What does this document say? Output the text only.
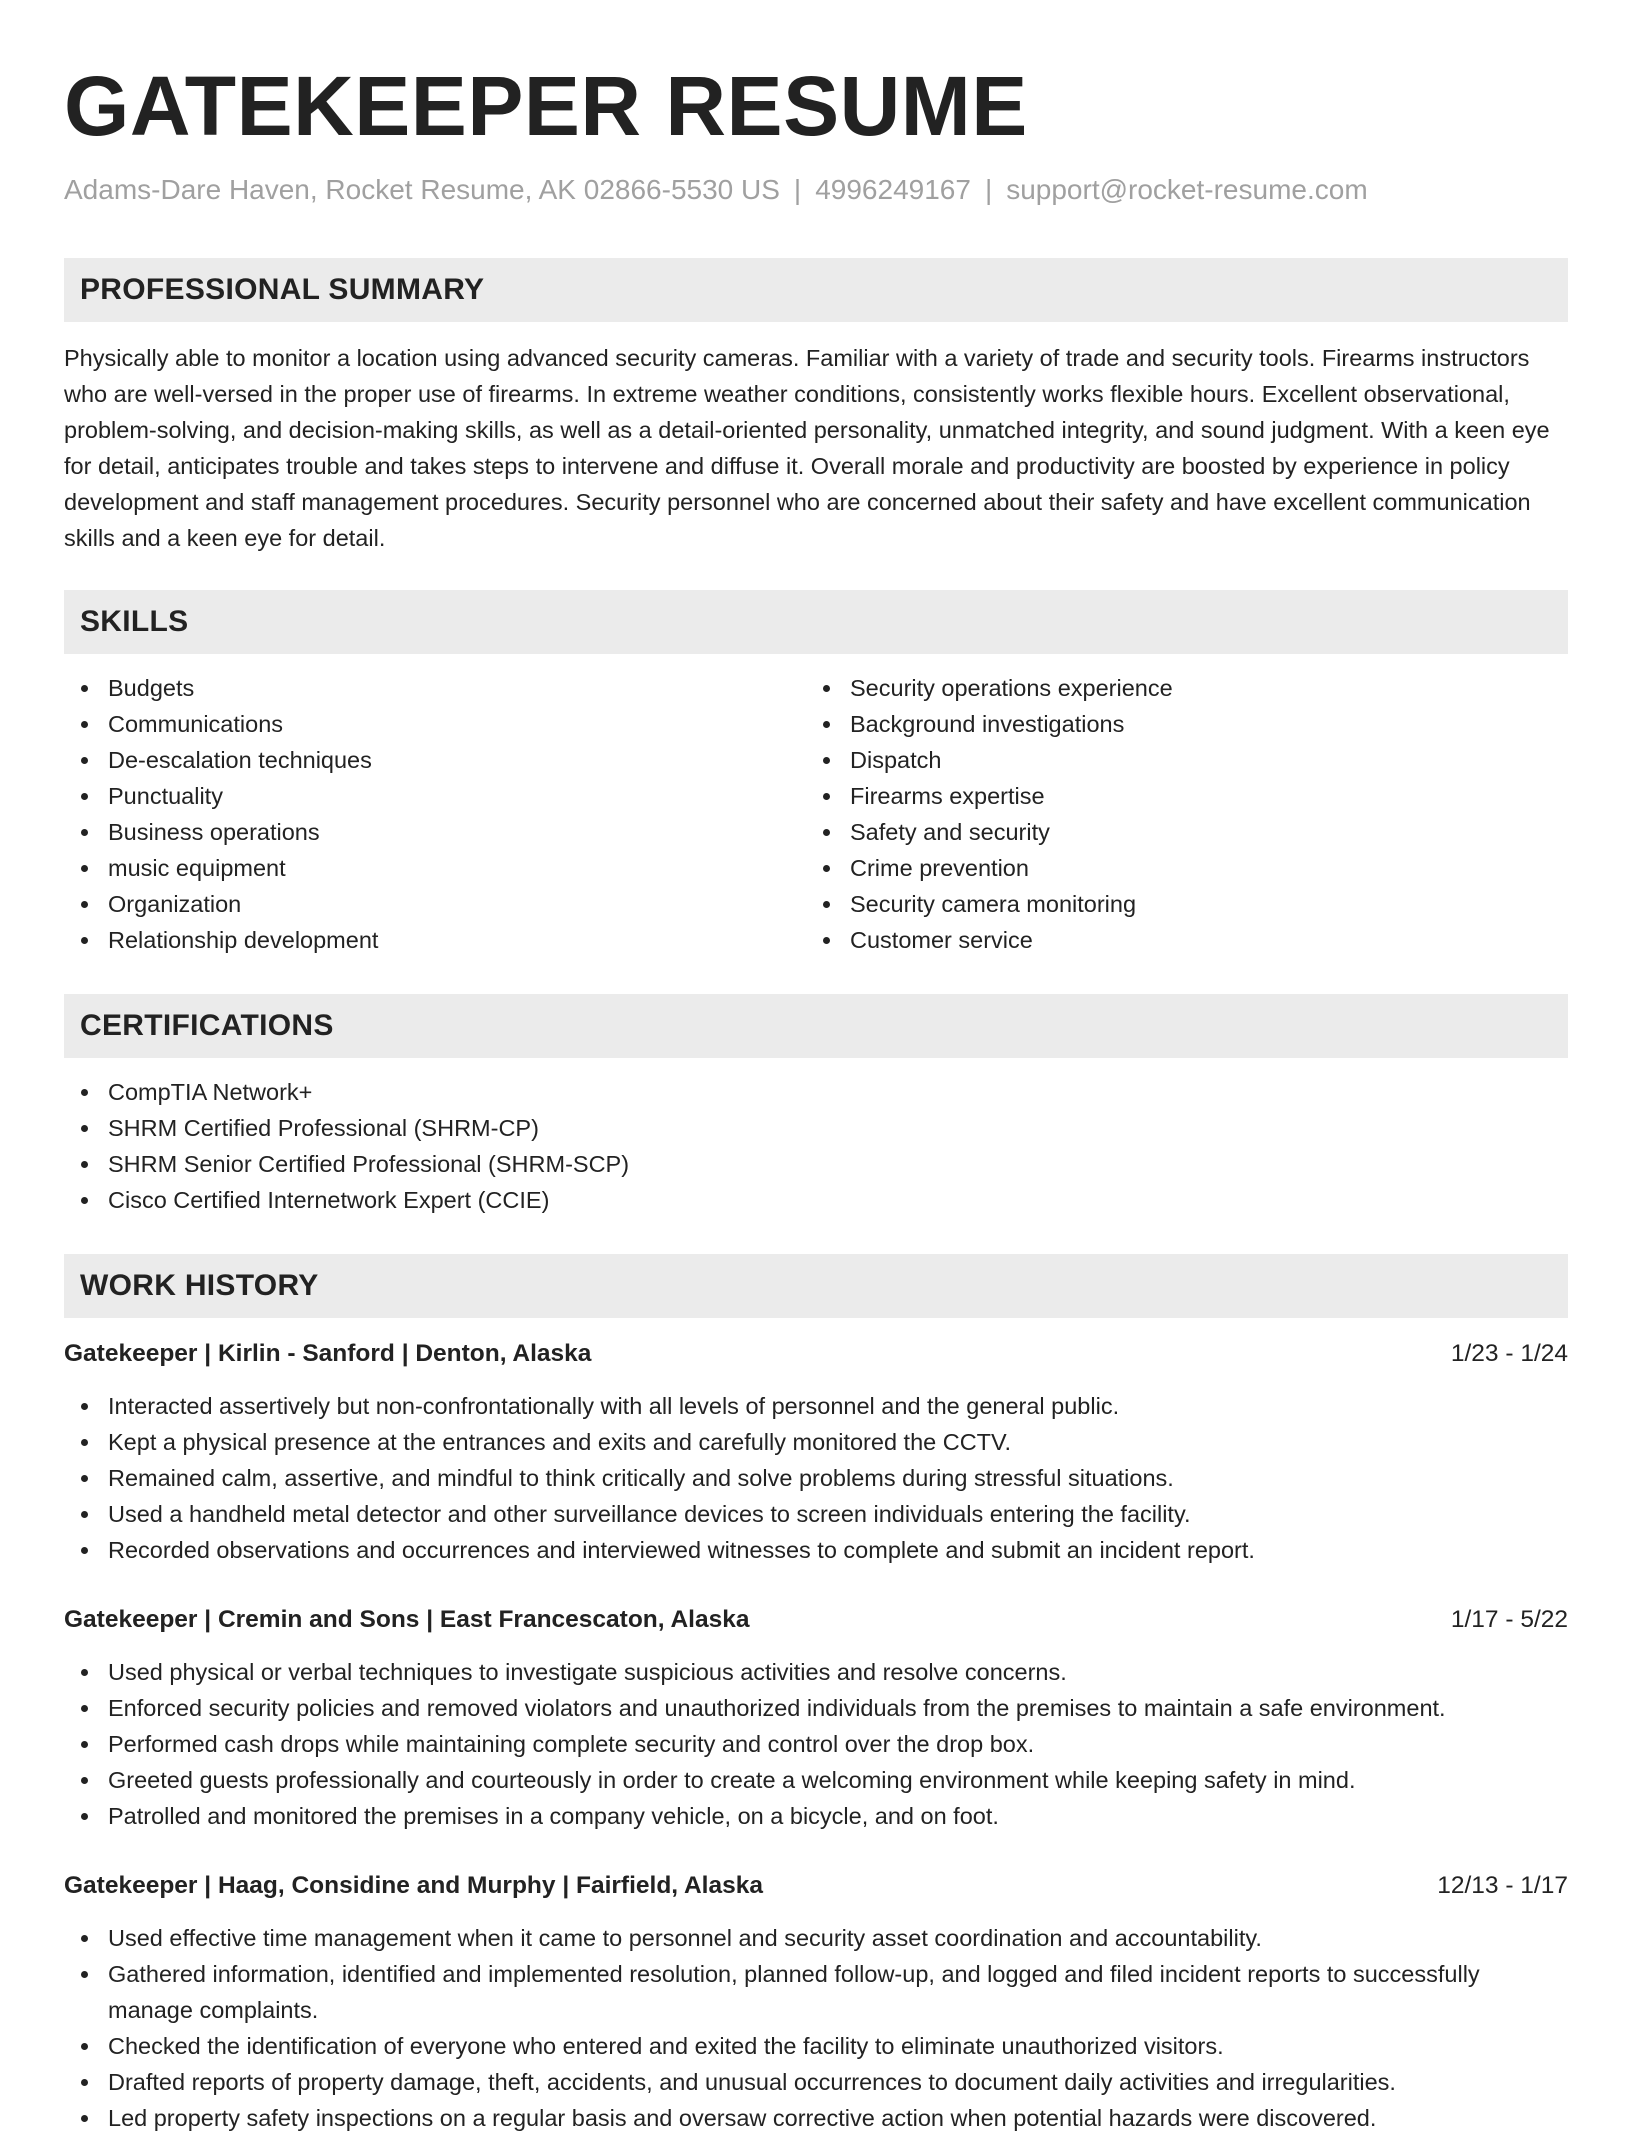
GATEKEEPER RESUME
Adams-Dare Haven, Rocket Resume, AK 02866-5530 US | 4996249167 | support@rocket-resume.com
PROFESSIONAL SUMMARY

Physically able to monitor a location using advanced security cameras. Familiar with a variety of trade and security tools. Firearms instructors who are well-versed in the proper use of firearms. In extreme weather conditions, consistently works flexible hours. Excellent observational, problem-solving, and decision-making skills, as well as a detail-oriented personality, unmatched integrity, and sound judgment. With a keen eye for detail, anticipates trouble and takes steps to intervene and diffuse it. Overall morale and productivity are boosted by experience in policy development and staff management procedures. Security personnel who are concerned about their safety and have excellent communication skills and a keen eye for detail.

SKILLS
Budgets
Communications
De-escalation techniques
Punctuality
Business operations
music equipment
Organization
Relationship development
Security operations experience
Background investigations
Dispatch
Firearms expertise
Safety and security
Crime prevention
Security camera monitoring
Customer service
CERTIFICATIONS
CompTIA Network+
SHRM Certified Professional (SHRM-CP)
SHRM Senior Certified Professional (SHRM-SCP)
Cisco Certified Internetwork Expert (CCIE)
WORK HISTORY
Gatekeeper | Kirlin - Sanford | Denton, Alaska	1/23 - 1/24
Interacted assertively but non-confrontationally with all levels of personnel and the general public.
Kept a physical presence at the entrances and exits and carefully monitored the CCTV.
Remained calm, assertive, and mindful to think critically and solve problems during stressful situations.
Used a handheld metal detector and other surveillance devices to screen individuals entering the facility.
Recorded observations and occurrences and interviewed witnesses to complete and submit an incident report.
Gatekeeper | Cremin and Sons | East Francescaton, Alaska	1/17 - 5/22
Used physical or verbal techniques to investigate suspicious activities and resolve concerns.
Enforced security policies and removed violators and unauthorized individuals from the premises to maintain a safe environment.
Performed cash drops while maintaining complete security and control over the drop box.
Greeted guests professionally and courteously in order to create a welcoming environment while keeping safety in mind.
Patrolled and monitored the premises in a company vehicle, on a bicycle, and on foot.
Gatekeeper | Haag, Considine and Murphy | Fairfield, Alaska	12/13 - 1/17
Used effective time management when it came to personnel and security asset coordination and accountability.
Gathered information, identified and implemented resolution, planned follow-up, and logged and filed incident reports to successfully manage complaints.
Checked the identification of everyone who entered and exited the facility to eliminate unauthorized visitors.
Drafted reports of property damage, theft, accidents, and unusual occurrences to document daily activities and irregularities.
Led property safety inspections on a regular basis and oversaw corrective action when potential hazards were discovered.
